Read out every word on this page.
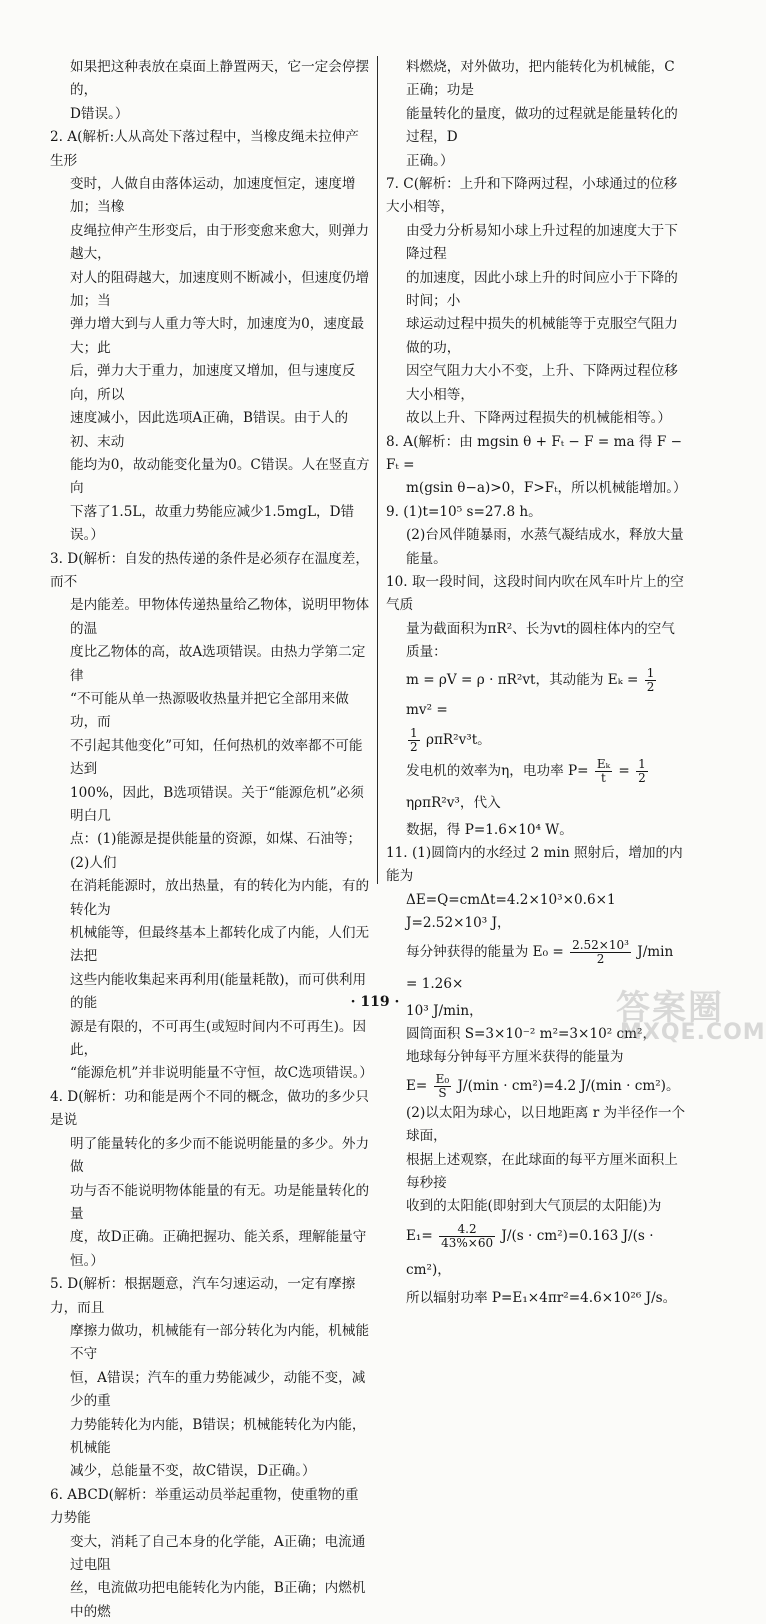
如果把这种表放在桌面上静置两天，它一定会停摆的，

D错误。）

2. A(解析:人从高处下落过程中，当橡皮绳未拉伸产生形

变时，人做自由落体运动，加速度恒定，速度增加；当橡

皮绳拉伸产生形变后，由于形变愈来愈大，则弹力越大，

对人的阻碍越大，加速度则不断减小，但速度仍增加；当

弹力增大到与人重力等大时，加速度为0，速度最大；此

后，弹力大于重力，加速度又增加，但与速度反向，所以

速度减小，因此选项A正确，B错误。由于人的初、末动

能均为0，故动能变化量为0。C错误。人在竖直方向

下落了1.5L，故重力势能应减少1.5mgL，D错误。）

3. D(解析：自发的热传递的条件是必须存在温度差，而不

是内能差。甲物体传递热量给乙物体，说明甲物体的温

度比乙物体的高，故A选项错误。由热力学第二定律

“不可能从单一热源吸收热量并把它全部用来做功，而

不引起其他变化”可知，任何热机的效率都不可能达到

100%，因此，B选项错误。关于“能源危机”必须明白几

点：(1)能源是提供能量的资源，如煤、石油等；(2)人们

在消耗能源时，放出热量，有的转化为内能，有的转化为

机械能等，但最终基本上都转化成了内能，人们无法把

这些内能收集起来再利用(能量耗散)，而可供利用的能

源是有限的，不可再生(或短时间内不可再生)。因此，

“能源危机”并非说明能量不守恒，故C选项错误。）

4. D(解析：功和能是两个不同的概念，做功的多少只是说

明了能量转化的多少而不能说明能量的多少。外力做

功与否不能说明物体能量的有无。功是能量转化的量

度，故D正确。正确把握功、能关系，理解能量守恒。）

5. D(解析：根据题意，汽车匀速运动，一定有摩擦力，而且

摩擦力做功，机械能有一部分转化为内能，机械能不守

恒，A错误；汽车的重力势能减少，动能不变，减少的重

力势能转化为内能，B错误；机械能转化为内能，机械能

减少，总能量不变，故C错误，D正确。）

6. ABCD(解析：举重运动员举起重物，使重物的重力势能

变大，消耗了自己本身的化学能，A正确；电流通过电阻

丝，电流做功把电能转化为内能，B正确；内燃机中的燃

料燃烧，对外做功，把内能转化为机械能，C正确；功是

能量转化的量度，做功的过程就是能量转化的过程，D

正确。）

7. C(解析：上升和下降两过程，小球通过的位移大小相等，

由受力分析易知小球上升过程的加速度大于下降过程

的加速度，因此小球上升的时间应小于下降的时间；小

球运动过程中损失的机械能等于克服空气阻力做的功，

因空气阻力大小不变，上升、下降两过程位移大小相等，

故以上升、下降两过程损失的机械能相等。）

8. A(解析：由 mgsin θ + Fₜ − F = ma 得 F − Fₜ =

m(gsin θ−a)>0，F>Fₜ，所以机械能增加。）

9. (1)t=10⁵ s=27.8 h。

(2)台风伴随暴雨，水蒸气凝结成水，释放大量能量。

10. 取一段时间，这段时间内吹在风车叶片上的空气质

量为截面积为πR²、长为vt的圆柱体内的空气质量：

m = ρV = ρ · πR²vt，其动能为 $E_k = \frac{1}{2}$
mv² =

$\frac{1}{2} \rho\pi R^2v^3t$。

发电机的效率为η，电功率 $P= \frac{\text{Eₖ}}{t} = \frac{1}{2}$
ηρπR²v³，代入

数据，得 P=1.6×10⁴ W。

11. (1)圆筒内的水经过 2 min 照射后，增加的内能为

ΔE=Q=cmΔt=4.2×10³×0.6×1 J=2.52×10³ J，

每分钟获得的能量为 $E_0 = \frac{\text{2.52×10³}}{2} J/\min = 1.26\times$

10³ J/min，

圆筒面积 S=3×10⁻² m²=3×10² cm²，

地球每分钟每平方厘米获得的能量为

$E= \frac{\text{E₀}}{S} J/(\min \cdot cm^2)=4.2$ J/(min · cm²)。

(2)以太阳为球心，以日地距离 r 为半径作一个球面，

根据上述观察，在此球面的每平方厘米面积上每秒接

收到的太阳能(即射到大气顶层的太阳能)为

$E_1= \frac{4.2}{43\%\times 60} J/(s \cdot cm^2)=0.163$ J/(s · cm²)，

所以辐射功率 P=E₁×4πr²=4.6×10²⁶ J/s。

· 119 ·	答案圈
MXQE.COM
